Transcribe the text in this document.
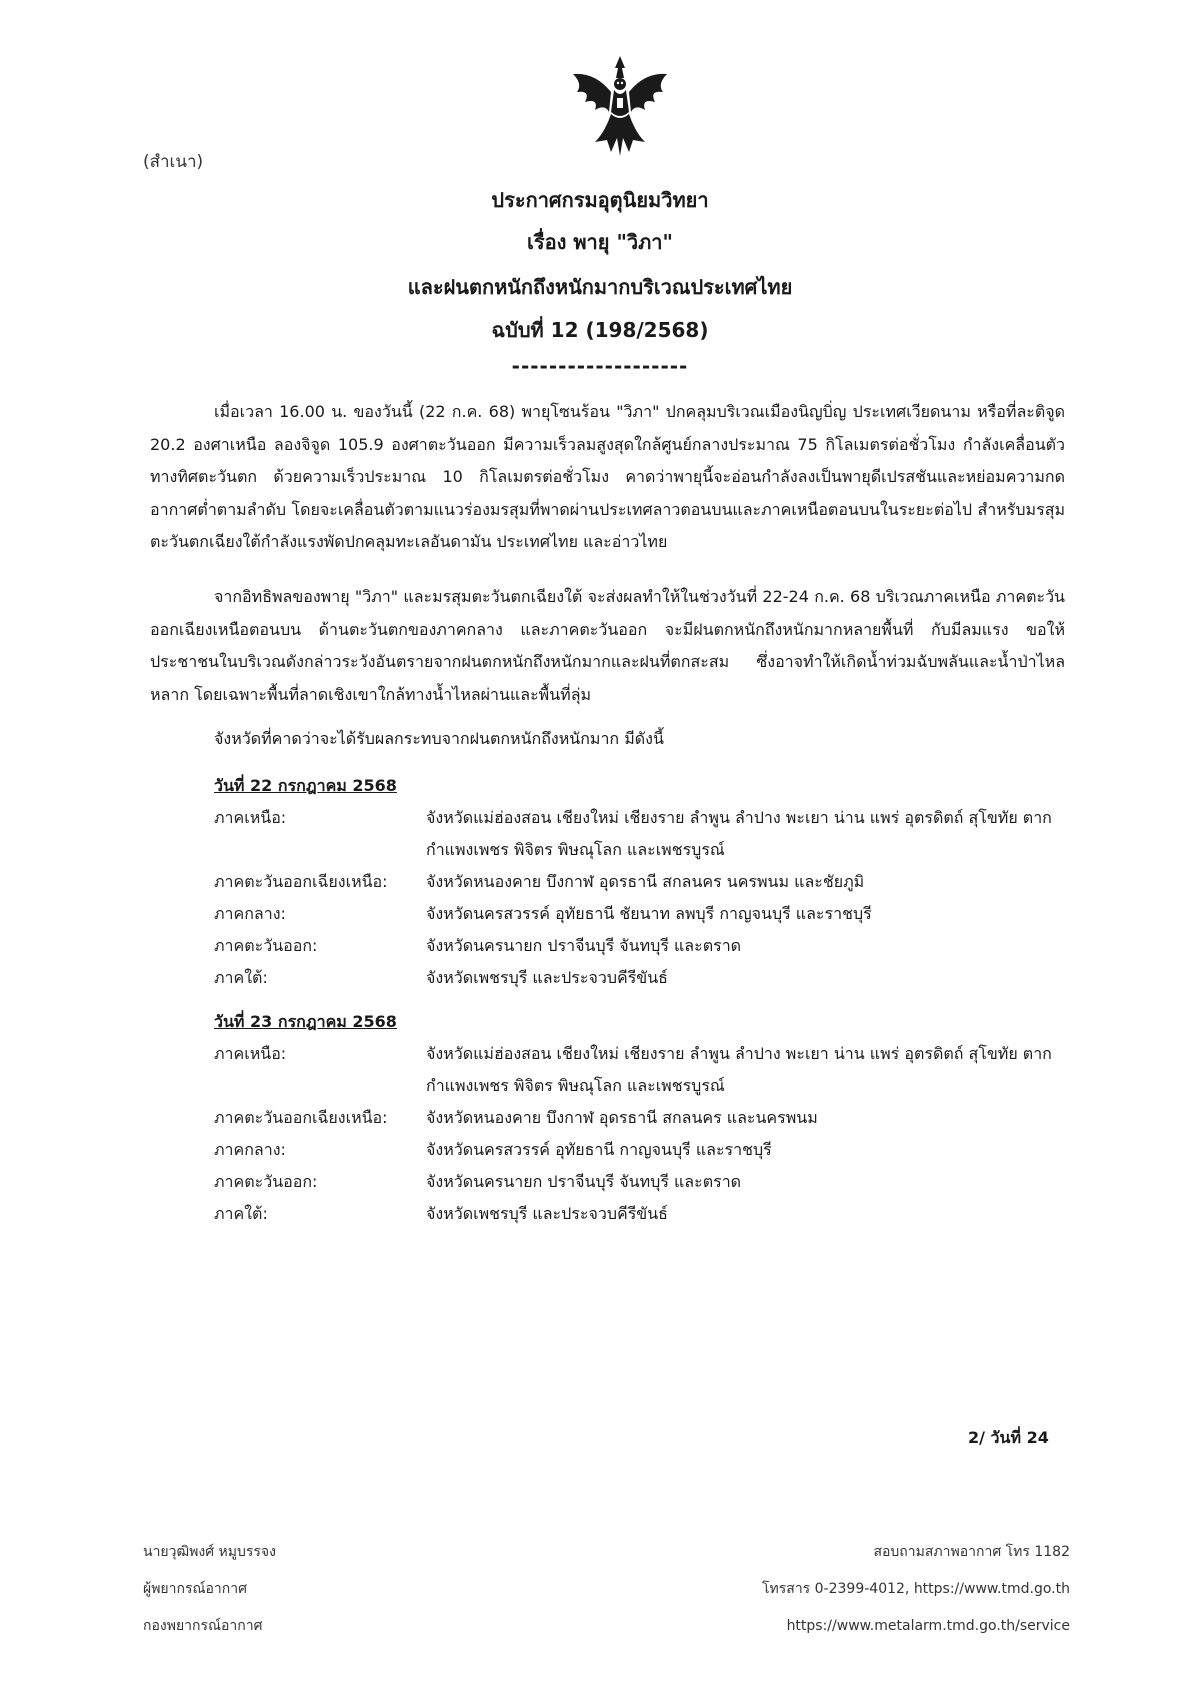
(สำเนา)
ประกาศกรมอุตุนิยมวิทยา
เรื่อง พายุ "วิภา"
และฝนตกหนักถึงหนักมากบริเวณประเทศไทย
ฉบับที่ 12 (198/2568)
-------------------
เมื่อเวลา 16.00 น. ของวันนี้ (22 ก.ค. 68) พายุโซนร้อน "วิภา" ปกคลุมบริเวณเมืองนิญบิ่ญ ประเทศเวียดนาม หรือที่ละติจูด 20.2 องศาเหนือ ลองจิจูด 105.9 องศาตะวันออก มีความเร็วลมสูงสุดใกล้ศูนย์กลางประมาณ 75 กิโลเมตรต่อชั่วโมง กำลังเคลื่อนตัวทางทิศตะวันตก ด้วยความเร็วประมาณ 10 กิโลเมตรต่อชั่วโมง คาดว่าพายุนี้จะอ่อนกำลังลงเป็นพายุดีเปรสชันและหย่อมความกดอากาศต่ำตามลำดับ โดยจะเคลื่อนตัวตามแนวร่องมรสุมที่พาดผ่านประเทศลาวตอนบนและภาคเหนือตอนบนในระยะต่อไป สำหรับมรสุมตะวันตกเฉียงใต้กำลังแรงพัดปกคลุมทะเลอันดามัน ประเทศไทย และอ่าวไทย
จากอิทธิพลของพายุ "วิภา" และมรสุมตะวันตกเฉียงใต้ จะส่งผลทำให้ในช่วงวันที่ 22-24 ก.ค. 68 บริเวณภาคเหนือ ภาคตะวันออกเฉียงเหนือตอนบน ด้านตะวันตกของภาคกลาง และภาคตะวันออก จะมีฝนตกหนักถึงหนักมากหลายพื้นที่ กับมีลมแรง ขอให้ประชาชนในบริเวณดังกล่าวระวังอันตรายจากฝนตกหนักถึงหนักมากและฝนที่ตกสะสม ซึ่งอาจทำให้เกิดน้ำท่วมฉับพลันและน้ำป่าไหลหลาก โดยเฉพาะพื้นที่ลาดเชิงเขาใกล้ทางน้ำไหลผ่านและพื้นที่ลุ่ม
จังหวัดที่คาดว่าจะได้รับผลกระทบจากฝนตกหนักถึงหนักมาก มีดังนี้
วันที่ 22 กรกฎาคม 2568
ภาคเหนือ:	จังหวัดแม่ฮ่องสอน เชียงใหม่ เชียงราย ลำพูน ลำปาง พะเยา น่าน แพร่ อุตรดิตถ์ สุโขทัย ตาก กำแพงเพชร พิจิตร พิษณุโลก และเพชรบูรณ์
ภาคตะวันออกเฉียงเหนือ:	จังหวัดหนองคาย บึงกาฬ อุดรธานี สกลนคร นครพนม และชัยภูมิ
ภาคกลาง:	จังหวัดนครสวรรค์ อุทัยธานี ชัยนาท ลพบุรี กาญจนบุรี และราชบุรี
ภาคตะวันออก:	จังหวัดนครนายก ปราจีนบุรี จันทบุรี และตราด
ภาคใต้:	จังหวัดเพชรบุรี และประจวบคีรีขันธ์
วันที่ 23 กรกฎาคม 2568
ภาคเหนือ:	จังหวัดแม่ฮ่องสอน เชียงใหม่ เชียงราย ลำพูน ลำปาง พะเยา น่าน แพร่ อุตรดิตถ์ สุโขทัย ตาก กำแพงเพชร พิจิตร พิษณุโลก และเพชรบูรณ์
ภาคตะวันออกเฉียงเหนือ:	จังหวัดหนองคาย บึงกาฬ อุดรธานี สกลนคร และนครพนม
ภาคกลาง:	จังหวัดนครสวรรค์ อุทัยธานี กาญจนบุรี และราชบุรี
ภาคตะวันออก:	จังหวัดนครนายก ปราจีนบุรี จันทบุรี และตราด
ภาคใต้:	จังหวัดเพชรบุรี และประจวบคีรีขันธ์
2/ วันที่ 24
นายวุฒิพงศ์ หมูบรรจง
ผู้พยากรณ์อากาศ
กองพยากรณ์อากาศ
สอบถามสภาพอากาศ โทร 1182
โทรสาร 0-2399-4012, https://www.tmd.go.th
https://www.metalarm.tmd.go.th/service
